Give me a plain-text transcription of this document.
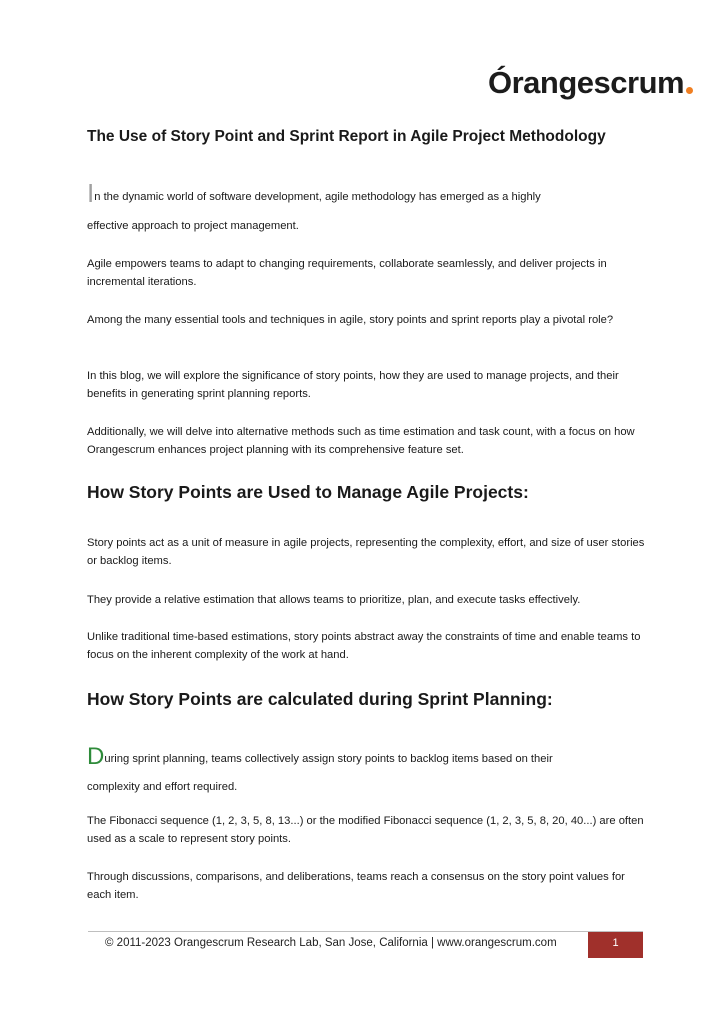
Órangescrum
The Use of Story Point and Sprint Report in Agile Project Methodology

In the dynamic world of software development, agile methodology has emerged as a highly

effective approach to project management.

Agile empowers teams to adapt to changing requirements, collaborate seamlessly, and deliver projects in incremental iterations.

Among the many essential tools and techniques in agile, story points and sprint reports play a pivotal role?

In this blog, we will explore the significance of story points, how they are used to manage projects, and their benefits in generating sprint planning reports.

Additionally, we will delve into alternative methods such as time estimation and task count, with a focus on how Orangescrum enhances project planning with its comprehensive feature set.

How Story Points are Used to Manage Agile Projects:

Story points act as a unit of measure in agile projects, representing the complexity, effort, and size of user stories or backlog items.

They provide a relative estimation that allows teams to prioritize, plan, and execute tasks effectively.

Unlike traditional time-based estimations, story points abstract away the constraints of time and enable teams to focus on the inherent complexity of the work at hand.

How Story Points are calculated during Sprint Planning:

During sprint planning, teams collectively assign story points to backlog items based on their

complexity and effort required.

The Fibonacci sequence (1, 2, 3, 5, 8, 13...) or the modified Fibonacci sequence (1, 2, 3, 5, 8, 20, 40...) are often used as a scale to represent story points.

Through discussions, comparisons, and deliberations, teams reach a consensus on the story point values for each item.

© 2011-2023 Orangescrum Research Lab, San Jose, California | www.orangescrum.com	1
